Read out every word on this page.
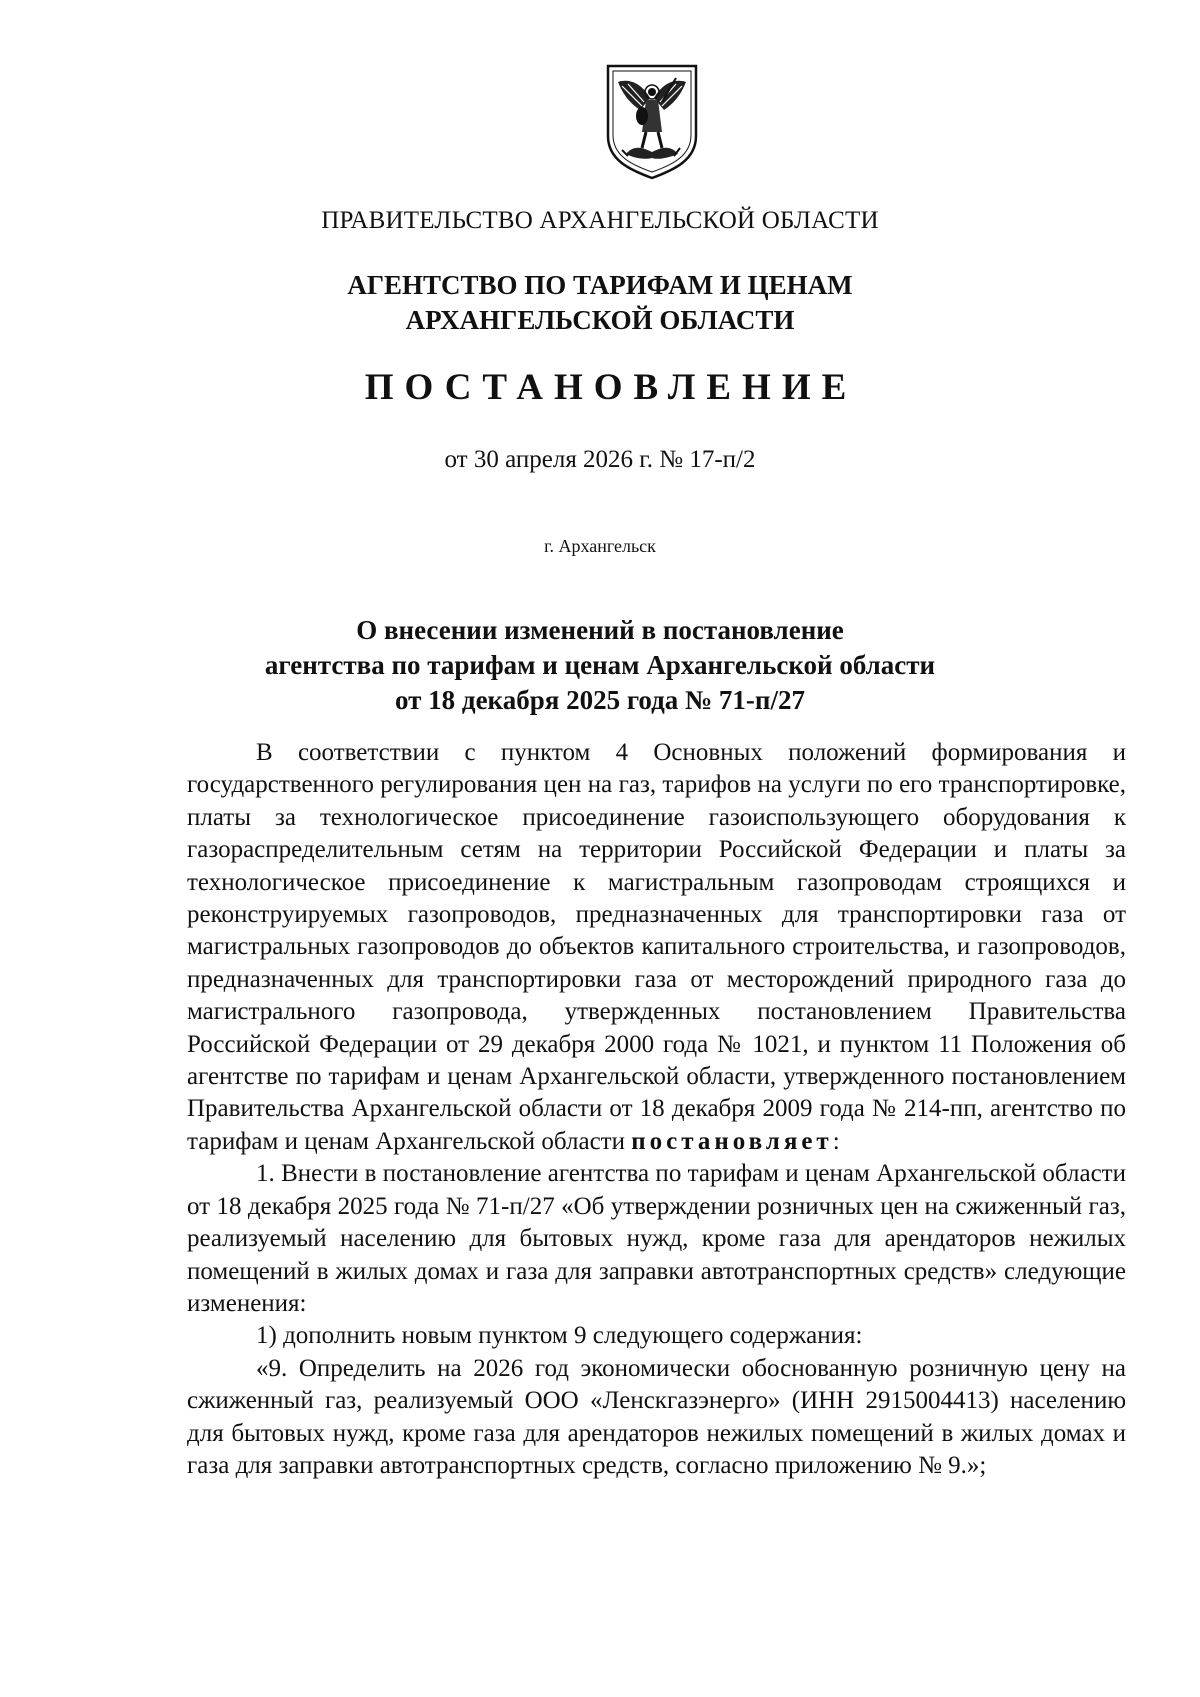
ПРАВИТЕЛЬСТВО АРХАНГЕЛЬСКОЙ ОБЛАСТИ
АГЕНТСТВО ПО ТАРИФАМ И ЦЕНАМ
АРХАНГЕЛЬСКОЙ ОБЛАСТИ
ПОСТАНОВЛЕНИЕ
от 30 апреля 2026 г. № 17-п/2
г. Архангельск
О внесении изменений в постановление
агентства по тарифам и ценам Архангельской области
от 18 декабря 2025 года № 71-п/27

В соответствии с пунктом 4 Основных положений формирования и государственного регулирования цен на газ, тарифов на услуги по его транспортировке, платы за технологическое присоединение газоиспользующего оборудования к газораспределительным сетям на территории Российской Федерации и платы за технологическое присоединение к магистральным газопроводам строящихся и реконструируемых газопроводов, предназначенных для транспортировки газа от магистральных газопроводов до объектов капитального строительства, и газопроводов, предназначенных для транспортировки газа от месторождений природного газа до магистрального газопровода, утвержденных постановлением Правительства Российской Федерации от 29 декабря 2000 года № 1021, и пунктом 11 Положения об агентстве по тарифам и ценам Архангельской области, утвержденного постановлением Правительства Архангельской области от 18 декабря 2009 года № 214-пп, агентство по тарифам и ценам Архангельской области постановляет:

1. Внести в постановление агентства по тарифам и ценам Архангельской области от 18 декабря 2025 года № 71-п/27 «Об утверждении розничных цен на сжиженный газ, реализуемый населению для бытовых нужд, кроме газа для арендаторов нежилых помещений в жилых домах и газа для заправки автотранспортных средств» следующие изменения:

1) дополнить новым пунктом 9 следующего содержания:

«9. Определить на 2026 год экономически обоснованную розничную цену на сжиженный газ, реализуемый ООО «Ленскгазэнерго» (ИНН 2915004413) населению для бытовых нужд, кроме газа для арендаторов нежилых помещений в жилых домах и газа для заправки автотранспортных средств, согласно приложению № 9.»;
